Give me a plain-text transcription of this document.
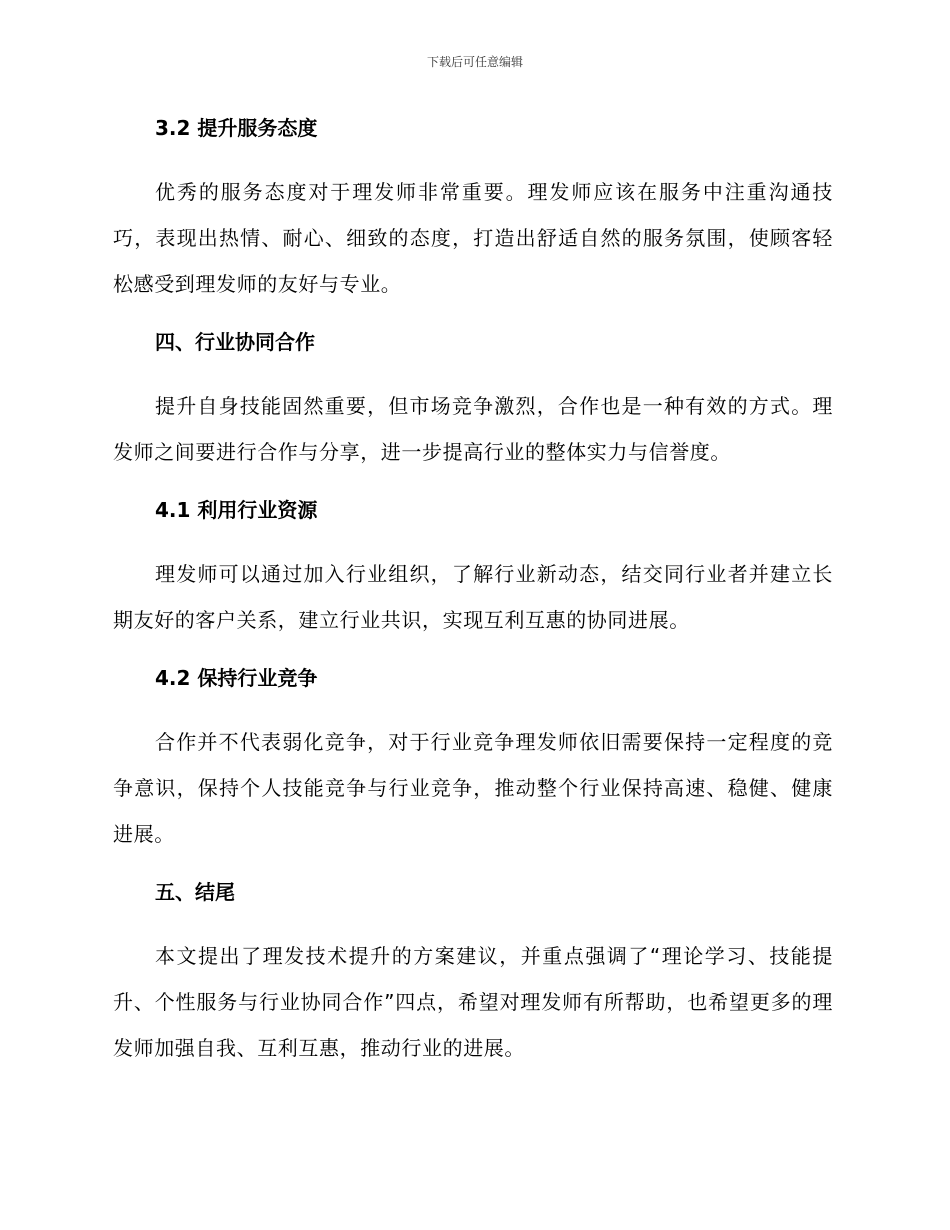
下载后可任意编辑
3.2 提升服务态度

优秀的服务态度对于理发师非常重要。理发师应该在服务中注重沟通技巧，表现出热情、耐心、细致的态度，打造出舒适自然的服务氛围，使顾客轻松感受到理发师的友好与专业。

四、行业协同合作

提升自身技能固然重要，但市场竞争激烈，合作也是一种有效的方式。理发师之间要进行合作与分享，进一步提高行业的整体实力与信誉度。

4.1 利用行业资源

理发师可以通过加入行业组织，了解行业新动态，结交同行业者并建立长期友好的客户关系，建立行业共识，实现互利互惠的协同进展。

4.2 保持行业竞争

合作并不代表弱化竞争，对于行业竞争理发师依旧需要保持一定程度的竞争意识，保持个人技能竞争与行业竞争，推动整个行业保持高速、稳健、健康进展。

五、结尾

本文提出了理发技术提升的方案建议，并重点强调了“理论学习、技能提升、个性服务与行业协同合作”四点，希望对理发师有所帮助，也希望更多的理发师加强自我、互利互惠，推动行业的进展。
